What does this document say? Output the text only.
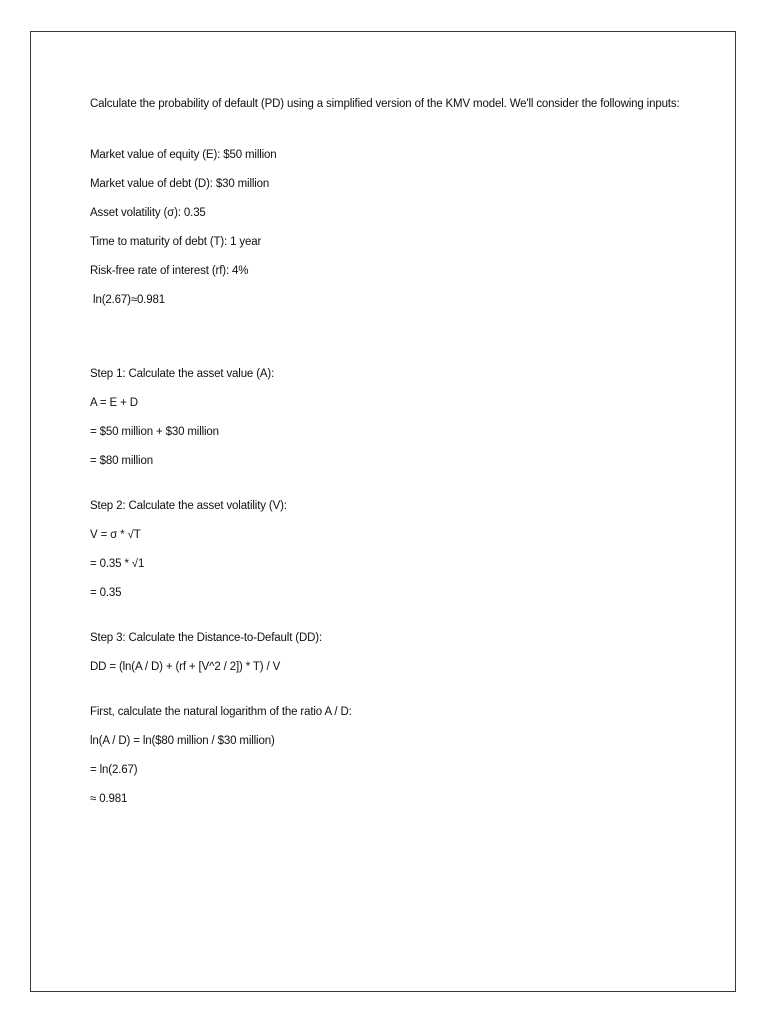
Calculate the probability of default (PD) using a simplified version of the KMV model. We'll consider the following inputs:

Market value of equity (E): $50 million

Market value of debt (D): $30 million

Asset volatility (σ): 0.35

Time to maturity of debt (T): 1 year

Risk-free rate of interest (rf): 4%

ln(2.67)≈0.981

Step 1: Calculate the asset value (A):

A = E + D

= $50 million + $30 million

= $80 million

Step 2: Calculate the asset volatility (V):

V = σ * √T

= 0.35 * √1

= 0.35

Step 3: Calculate the Distance-to-Default (DD):

DD = (ln(A / D) + (rf + [V^2 / 2]) * T) / V

First, calculate the natural logarithm of the ratio A / D:

ln(A / D) = ln($80 million / $30 million)

= ln(2.67)

≈ 0.981
